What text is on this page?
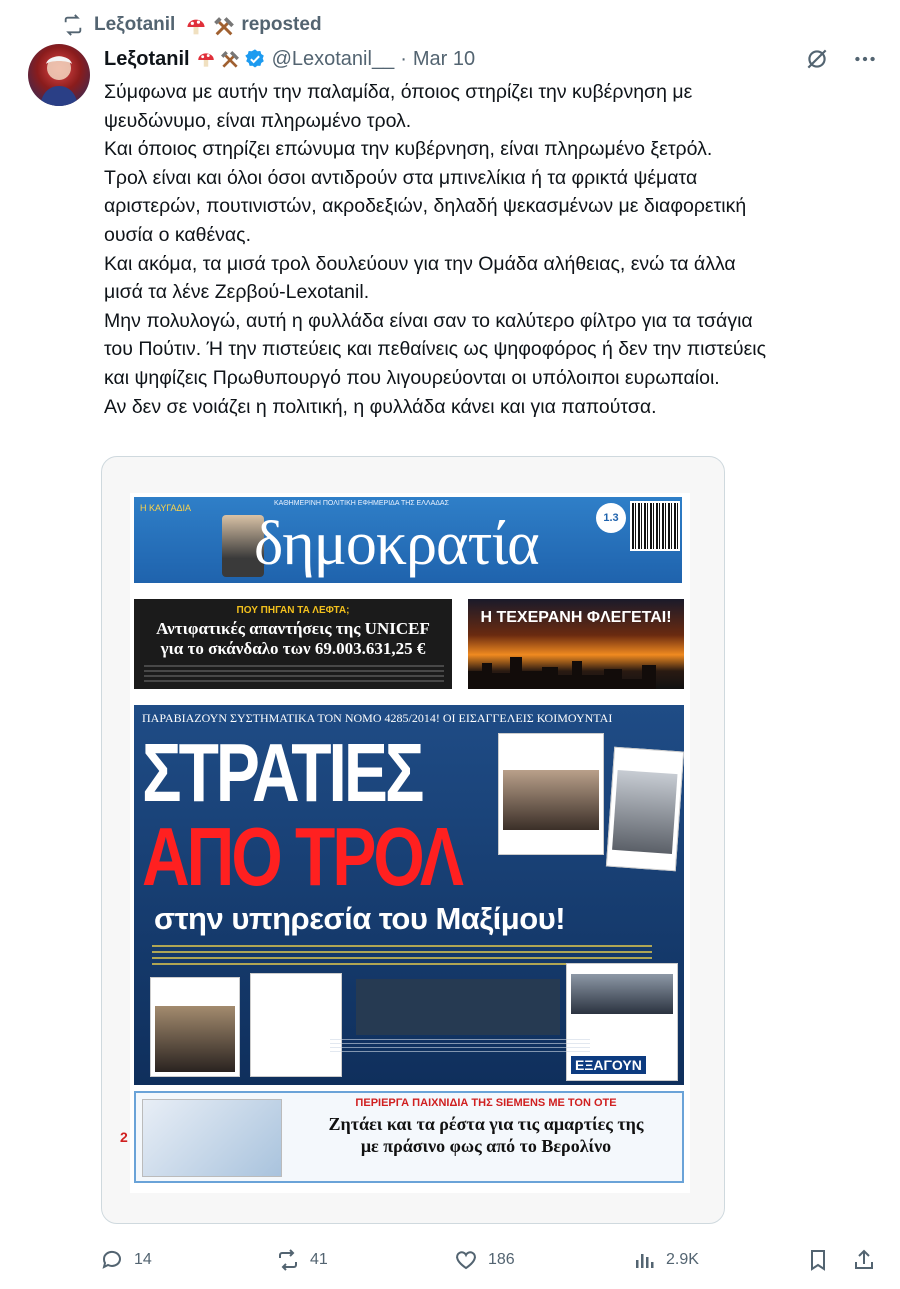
Leξotanil	reposted
Leξotanil	@Lexotanil__ · Mar 10

Σύμφωνα με αυτήν την παλαμίδα, όποιος στηρίζει την κυβέρνηση με

ψευδώνυμο, είναι πληρωμένο τρολ.

Και όποιος στηρίζει επώνυμα την κυβέρνηση, είναι πληρωμένο ξετρόλ.

Τρολ είναι και όλοι όσοι αντιδρούν στα μπινελίκια ή τα φρικτά ψέματα

αριστερών, πουτινιστών, ακροδεξιών, δηλαδή ψεκασμένων με διαφορετική

ουσία ο καθένας.

Και ακόμα, τα μισά τρολ δουλεύουν για την Ομάδα αλήθειας, ενώ τα άλλα

μισά τα λένε Ζερβού-Lexotanil.

Μην πολυλογώ, αυτή η φυλλάδα είναι σαν το καλύτερο φίλτρο για τα τσάγια

του Πούτιν. Ή την πιστεύεις και πεθαίνεις ως ψηφοφόρος ή δεν την πιστεύεις

και ψηφίζεις Πρωθυπουργό που λιγουρεύονται οι υπόλοιποι ευρωπαίοι.

Αν δεν σε νοιάζει η πολιτική, η φυλλάδα κάνει και για παπούτσα.

ΚΑΘΗΜΕΡΙΝΗ ΠΟΛΙΤΙΚΗ ΕΦΗΜΕΡΙΔΑ ΤΗΣ ΕΛΛΑΔΑΣ
Η ΚΑΥΓΑΔΙΑ
δημοκρατία	1.3
ΠΟΥ ΠΗΓΑΝ ΤΑ ΛΕΦΤΑ;
Αντιφατικές απαντήσεις της UNICEF
για το σκάνδαλο των 69.003.631,25 €
Η ΤΕΧΕΡΑΝΗ ΦΛΕΓΕΤΑΙ!
ΠΑΡΑΒΙΑΖΟΥΝ ΣΥΣΤΗΜΑΤΙΚΑ ΤΟΝ ΝΟΜΟ 4285/2014! ΟΙ ΕΙΣΑΓΓΕΛΕΙΣ ΚΟΙΜΟΥΝΤΑΙ
ΣΤΡΑΤΙΕΣ
ΑΠΟ ΤΡΟΛ
στην υπηρεσία του Μαξίμου!
ΕΞΑΓΟΥΝ
ΠΕΡΙΕΡΓΑ ΠΑΙΧΝΙΔΙΑ ΤΗΣ SIEMENS ΜΕ ΤΟΝ ΟΤΕ
Ζητάει και τα ρέστα για τις αμαρτίες της
με πράσινο φως από το Βερολίνο
2
14	41	186	2.9K
